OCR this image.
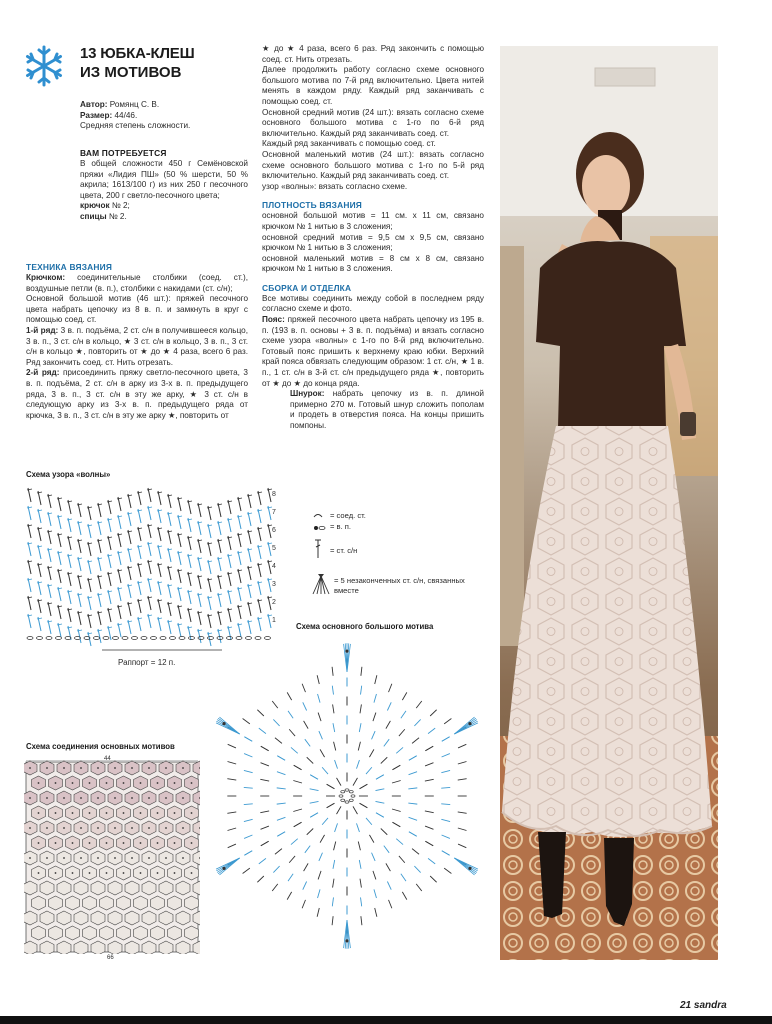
13 ЮБКА-КЛЕШ
ИЗ МОТИВОВ
Автор: Ромянц С. В.
Размер: 44/46.
Средняя степень сложности.
ВАМ ПОТРЕБУЕТСЯ
В общей сложности 450 г Семёновской пряжи «Лидия ПШ» (50 % шерсти, 50 % акрила; 1613/100 г) из них 250 г песочного цвета, 200 г светло-песочного цвета;
крючок № 2;
спицы № 2.
ТЕХНИКА ВЯЗАНИЯ
Крючком: соединительные столбики (соед. ст.), воздушные петли (в. п.), столбики с накидами (ст. с/н);
Основной большой мотив (46 шт.): пряжей песочного цвета набрать цепочку из 8 в. п. и замкнуть в круг с помощью соед. ст.
1-й ряд: 3 в. п. подъёма, 2 ст. с/н в получившееся кольцо, 3 в. п., 3 ст. с/н в кольцо, ★ 3 ст. с/н в кольцо, 3 в. п., 3 ст. с/н в кольцо ★, повторить от ★ до ★ 4 раза, всего 6 раз. Ряд закончить соед. ст. Нить отрезать.
2-й ряд: присоединить пряжу светло-песочного цвета, 3 в. п. подъёма, 2 ст. с/н в арку из 3-х в. п. предыдущего ряда, 3 в. п., 3 ст. с/н в эту же арку, ★ 3 ст. с/н в следующую арку из 3-х в. п. предыдущего ряда от крючка, 3 в. п., 3 ст. с/н в эту же арку ★, повторить от
★ до ★ 4 раза, всего 6 раз. Ряд закончить с помощью соед. ст. Нить отрезать.
Далее продолжить работу согласно схеме основного большого мотива по 7-й ряд включительно. Цвета нитей менять в каждом ряду. Каждый ряд заканчивать с помощью соед. ст.
Основной средний мотив (24 шт.): вязать согласно схеме основного большого мотива с 1-го по 6-й ряд включительно. Каждый ряд заканчивать соед. ст.
Каждый ряд заканчивать с помощью соед. ст.
Основной маленький мотив (24 шт.): вязать согласно схеме основного большого мотива с 1-го по 5-й ряд включительно. Каждый ряд заканчивать соед. ст.
узор «волны»: вязать согласно схеме.
ПЛОТНОСТЬ ВЯЗАНИЯ
основной большой мотив = 11 см. х 11 см, связано крючком № 1 нитью в 3 сложения;
основной средний мотив = 9,5 см х 9,5 см, связано крючком № 1 нитью в 3 сложения;
основной маленький мотив = 8 см х 8 см, связано крючком № 1 нитью в 3 сложения.
СБОРКА И ОТДЕЛКА
Все мотивы соединить между собой в последнем ряду согласно схеме и фото.
Пояс: пряжей песочного цвета набрать цепочку из 195 в. п. (193 в. п. основы + 3 в. п. подъёма) и вязать согласно схеме узора «волны» с 1-го по 8-й ряд включительно. Готовый пояс пришить к верхнему краю юбки. Верхний край пояса обвязать следующим образом: 1 ст. с/н, ★ 1 в. п., 1 ст. с/н в 3-й ст. с/н предыдущего ряда ★, повторить от ★ до ★ до конца ряда.
Шнурок: набрать цепочку из в. п. длиной примерно 270 м. Готовый шнур сложить пополам и продеть в отверстия пояса. На концы пришить помпоны.
= соед. ст.
= в. п.
= ст. с/н
= 5 незаконченных ст. с/н, связанных вместе
Схема узора «волны»
8
7
6
5
4
3
2
1
Раппорт = 12 п.
Схема основного большого мотива
Схема соединения основных мотивов
44
66
21 sandra
